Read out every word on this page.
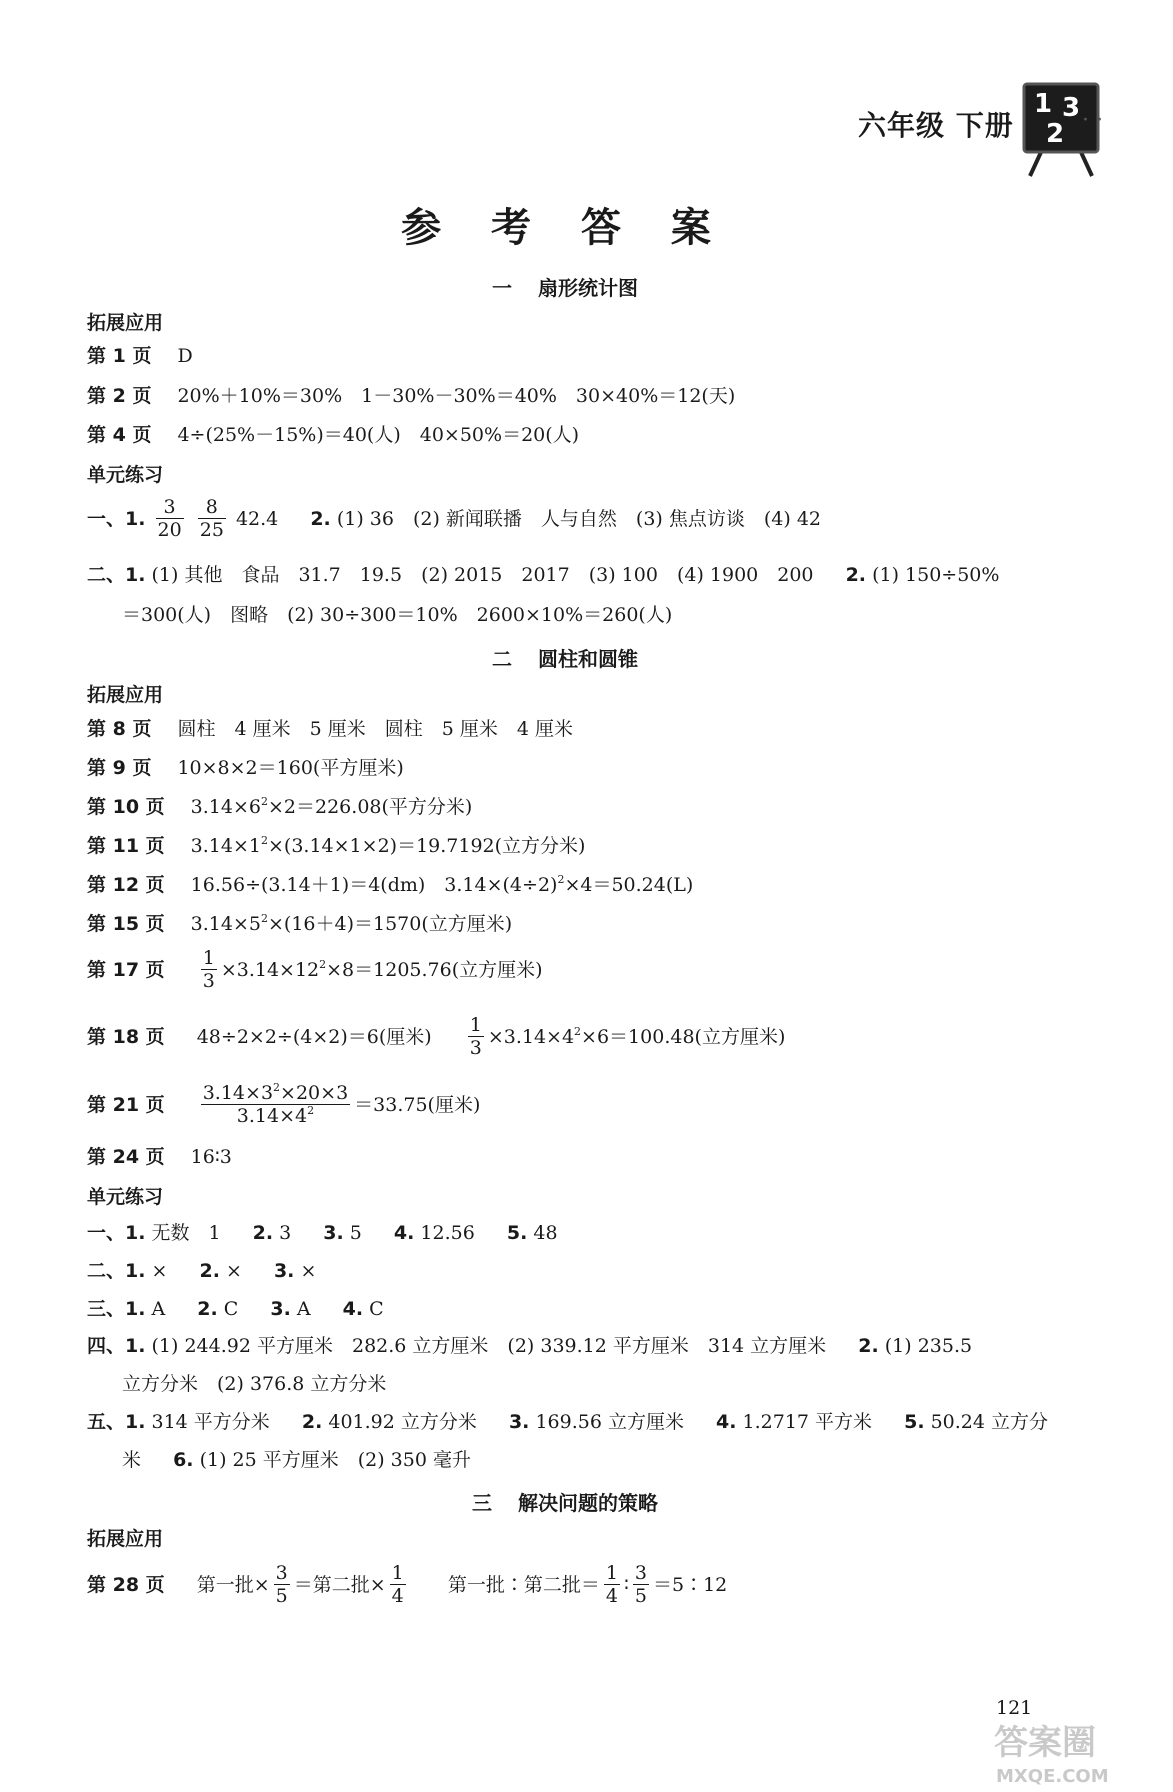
六年级 下册
1 3
2 · ·
参 考 答 案
一 扇形统计图
拓展应用
第 1 页 D
第 2 页 20%＋10%＝30%　1－30%－30%＝40%　30×40%＝12(天)
第 4 页 4÷(25%－15%)＝40(人)　40×50%＝20(人)
单元练习
一、1. $\frac{3}{20}$
$\frac{8}{25} 42.4$ 2. (1) 36　(2) 新闻联播　人与自然　(3) 焦点访谈　(4) 42
二、1. (1) 其他　食品　31.7　19.5　(2) 2015　2017　(3) 100　(4) 1900　200 2. (1) 150÷50%
＝300(人)　图略　(2) 30÷300＝10%　2600×10%＝260(人)
二 圆柱和圆锥
拓展应用
第 8 页 圆柱　4 厘米　5 厘米　圆柱　5 厘米　4 厘米
第 9 页 10×8×2＝160(平方厘米)
第 10 页 $3.14\times 6^2\times 2=226.08$(平方分米)
第 11 页 $3.14\times 1^2\times(3.14\times 1\times 2)=19.7192$(立方分米)
第 12 页 16.56÷(3.14＋1)＝4(dm)　$3.14\times(4\div 2)^2\times 4=50.24(L)$
第 15 页 $3.14\times 5^2\times(16+4)=1570$(立方厘米)
第 17 页 $\frac{1}{3} \times 3.14\times 12^2\times 8=1205.76$(立方厘米)
第 18 页 48÷2×2÷(4×2)＝6(厘米) $\frac{1}{3} \times 3.14\times 4^2\times 6=100.48$(立方厘米)
第 21 页 $\frac{3.14\times 3^2\times 20\times 3}{3.14\times 4^2} =33.75$(厘米)
第 24 页 16∶3
单元练习
一、1. 无数　1 2. 3 3. 5 4. 12.56 5. 48
二、1. × 2. × 3. ×
三、1. A 2. C 3. A 4. C
四、1. (1) 244.92 平方厘米　282.6 立方厘米　(2) 339.12 平方厘米　314 立方厘米 2. (1) 235.5
立方分米　(2) 376.8 立方分米
五、1. 314 平方分米 2. 401.92 立方分米 3. 169.56 立方厘米 4. 1.2717 平方米 5. 50.24 立方分
米 6. (1) 25 平方厘米　(2) 350 毫升
三 解决问题的策略
拓展应用
第 28 页 第一批× $\frac{3}{5}$ ＝第二批× $\frac{1}{4}$ 第一批∶第二批＝ $\frac{1}{4}$ ∶ $\frac{3}{5}$ ＝5∶12
121
答案圈
MXQE.COM
